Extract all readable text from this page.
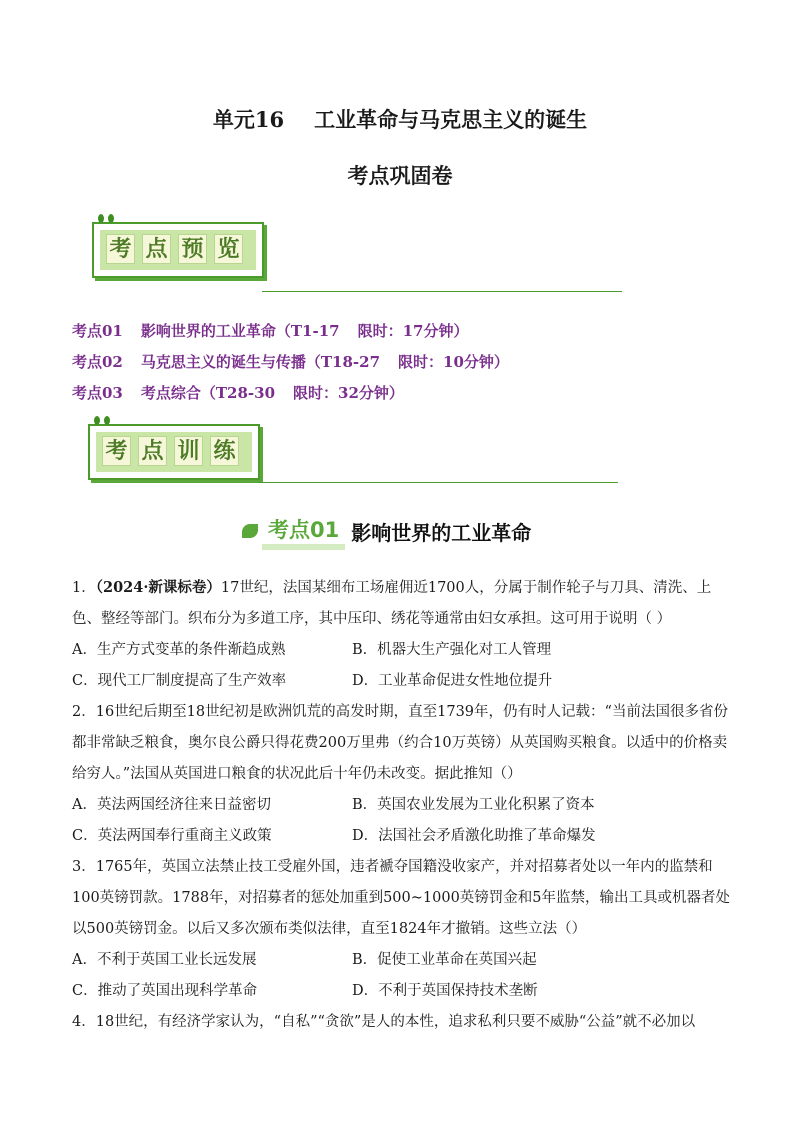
单元16 工业革命与马克思主义的诞生
考点巩固卷
考 点 预 览
考点01 影响世界的工业革命（T1-17 限时：17分钟）
考点02 马克思主义的诞生与传播（T18-27 限时：10分钟）
考点03 考点综合（T28-30 限时：32分钟）
考 点 训 练
考点01 影响世界的工业革命
1．（2024·新课标卷）17世纪，法国某细布工场雇佣近1700人，分属于制作轮子与刀具、清洗、上色、整经等部门。织布分为多道工序，其中压印、绣花等通常由妇女承担。这可用于说明（ ）
A．生产方式变革的条件渐趋成熟	B．机器大生产强化对工人管理
C．现代工厂制度提高了生产效率	D．工业革命促进女性地位提升
2．16世纪后期至18世纪初是欧洲饥荒的高发时期，直至1739年，仍有时人记载：“当前法国很多省份都非常缺乏粮食，奥尔良公爵只得花费200万里弗（约合10万英镑）从英国购买粮食。以适中的价格卖给穷人。”法国从英国进口粮食的状况此后十年仍未改变。据此推知（）
A．英法两国经济往来日益密切	B．英国农业发展为工业化积累了资本
C．英法两国奉行重商主义政策	D．法国社会矛盾激化助推了革命爆发
3．1765年，英国立法禁止技工受雇外国，违者褫夺国籍没收家产，并对招募者处以一年内的监禁和100英镑罚款。1788年，对招募者的惩处加重到500~1000英镑罚金和5年监禁，输出工具或机器者处以500英镑罚金。以后又多次颁布类似法律，直至1824年才撤销。这些立法（）
A．不利于英国工业长远发展	B．促使工业革命在英国兴起
C．推动了英国出现科学革命	D．不利于英国保持技术垄断
4．18世纪，有经济学家认为，“自私”“贪欲”是人的本性，追求私利只要不威胁“公益”就不必加以
